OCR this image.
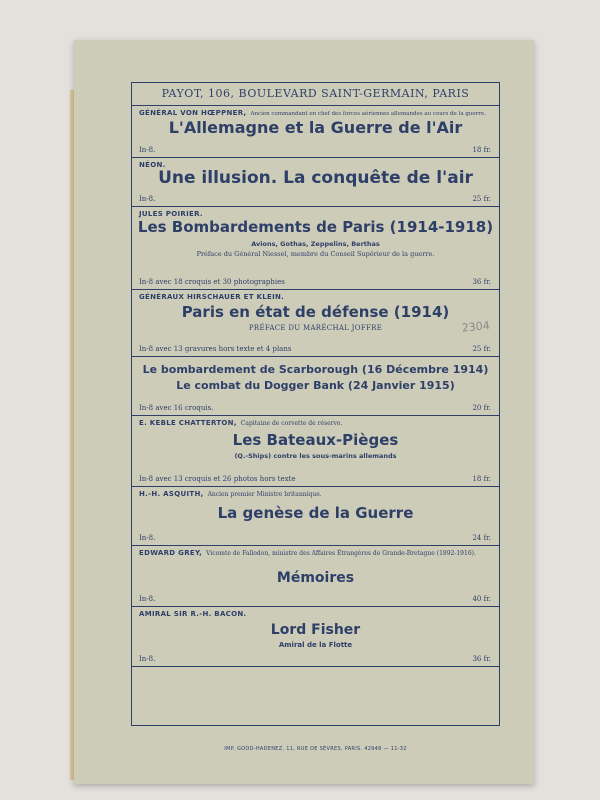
PAYOT, 106, BOULEVARD SAINT-GERMAIN, PARIS
GÉNÉRAL VON HŒPPNER, Ancien commandant en chef des forces aériennes allemandes au cours de la guerre.
L'Allemagne et la Guerre de l'Air
In-8.	18 fr.
NÉON.
Une illusion. La conquête de l'air
In-8.	25 fr.
JULES POIRIER.
Les Bombardements de Paris (1914-1918)
Avions, Gothas, Zeppelins, Berthas
Préface du Général Niessel, membre du Conseil Supérieur de la guerre.
In-8 avec 18 croquis et 30 photographies	36 fr.
GÉNÉRAUX HIRSCHAUER ET KLEIN.
Paris en état de défense (1914)
PRÉFACE DU MARÉCHAL JOFFRE
In-8 avec 13 gravures hors texte et 4 plans	25 fr.
Le bombardement de Scarborough (16 Décembre 1914)
Le combat du Dogger Bank (24 Janvier 1915)
In-8 avec 16 croquis.	20 fr.
E. KEBLE CHATTERTON, Capitaine de corvette de réserve.
Les Bateaux-Pièges
(Q.-Ships) contre les sous-marins allemands
In-8 avec 13 croquis et 26 photos hors texte	18 fr.
H.-H. ASQUITH, Ancien premier Ministre britannique.
La genèse de la Guerre
In-8.	24 fr.
EDWARD GREY, Vicomte de Fallodon, ministre des Affaires Étrangères de Grande-Bretagne (1892-1916).
Mémoires
In-8.	40 fr.
AMIRAL SIR R.-H. BACON.
Lord Fisher
Amiral de la Flotte
In-8.	36 fr.
IMP. GOOD-HADENEZ, 11, RUE DE SÈVRES, PARIS. 42948 — 11-32
2304
